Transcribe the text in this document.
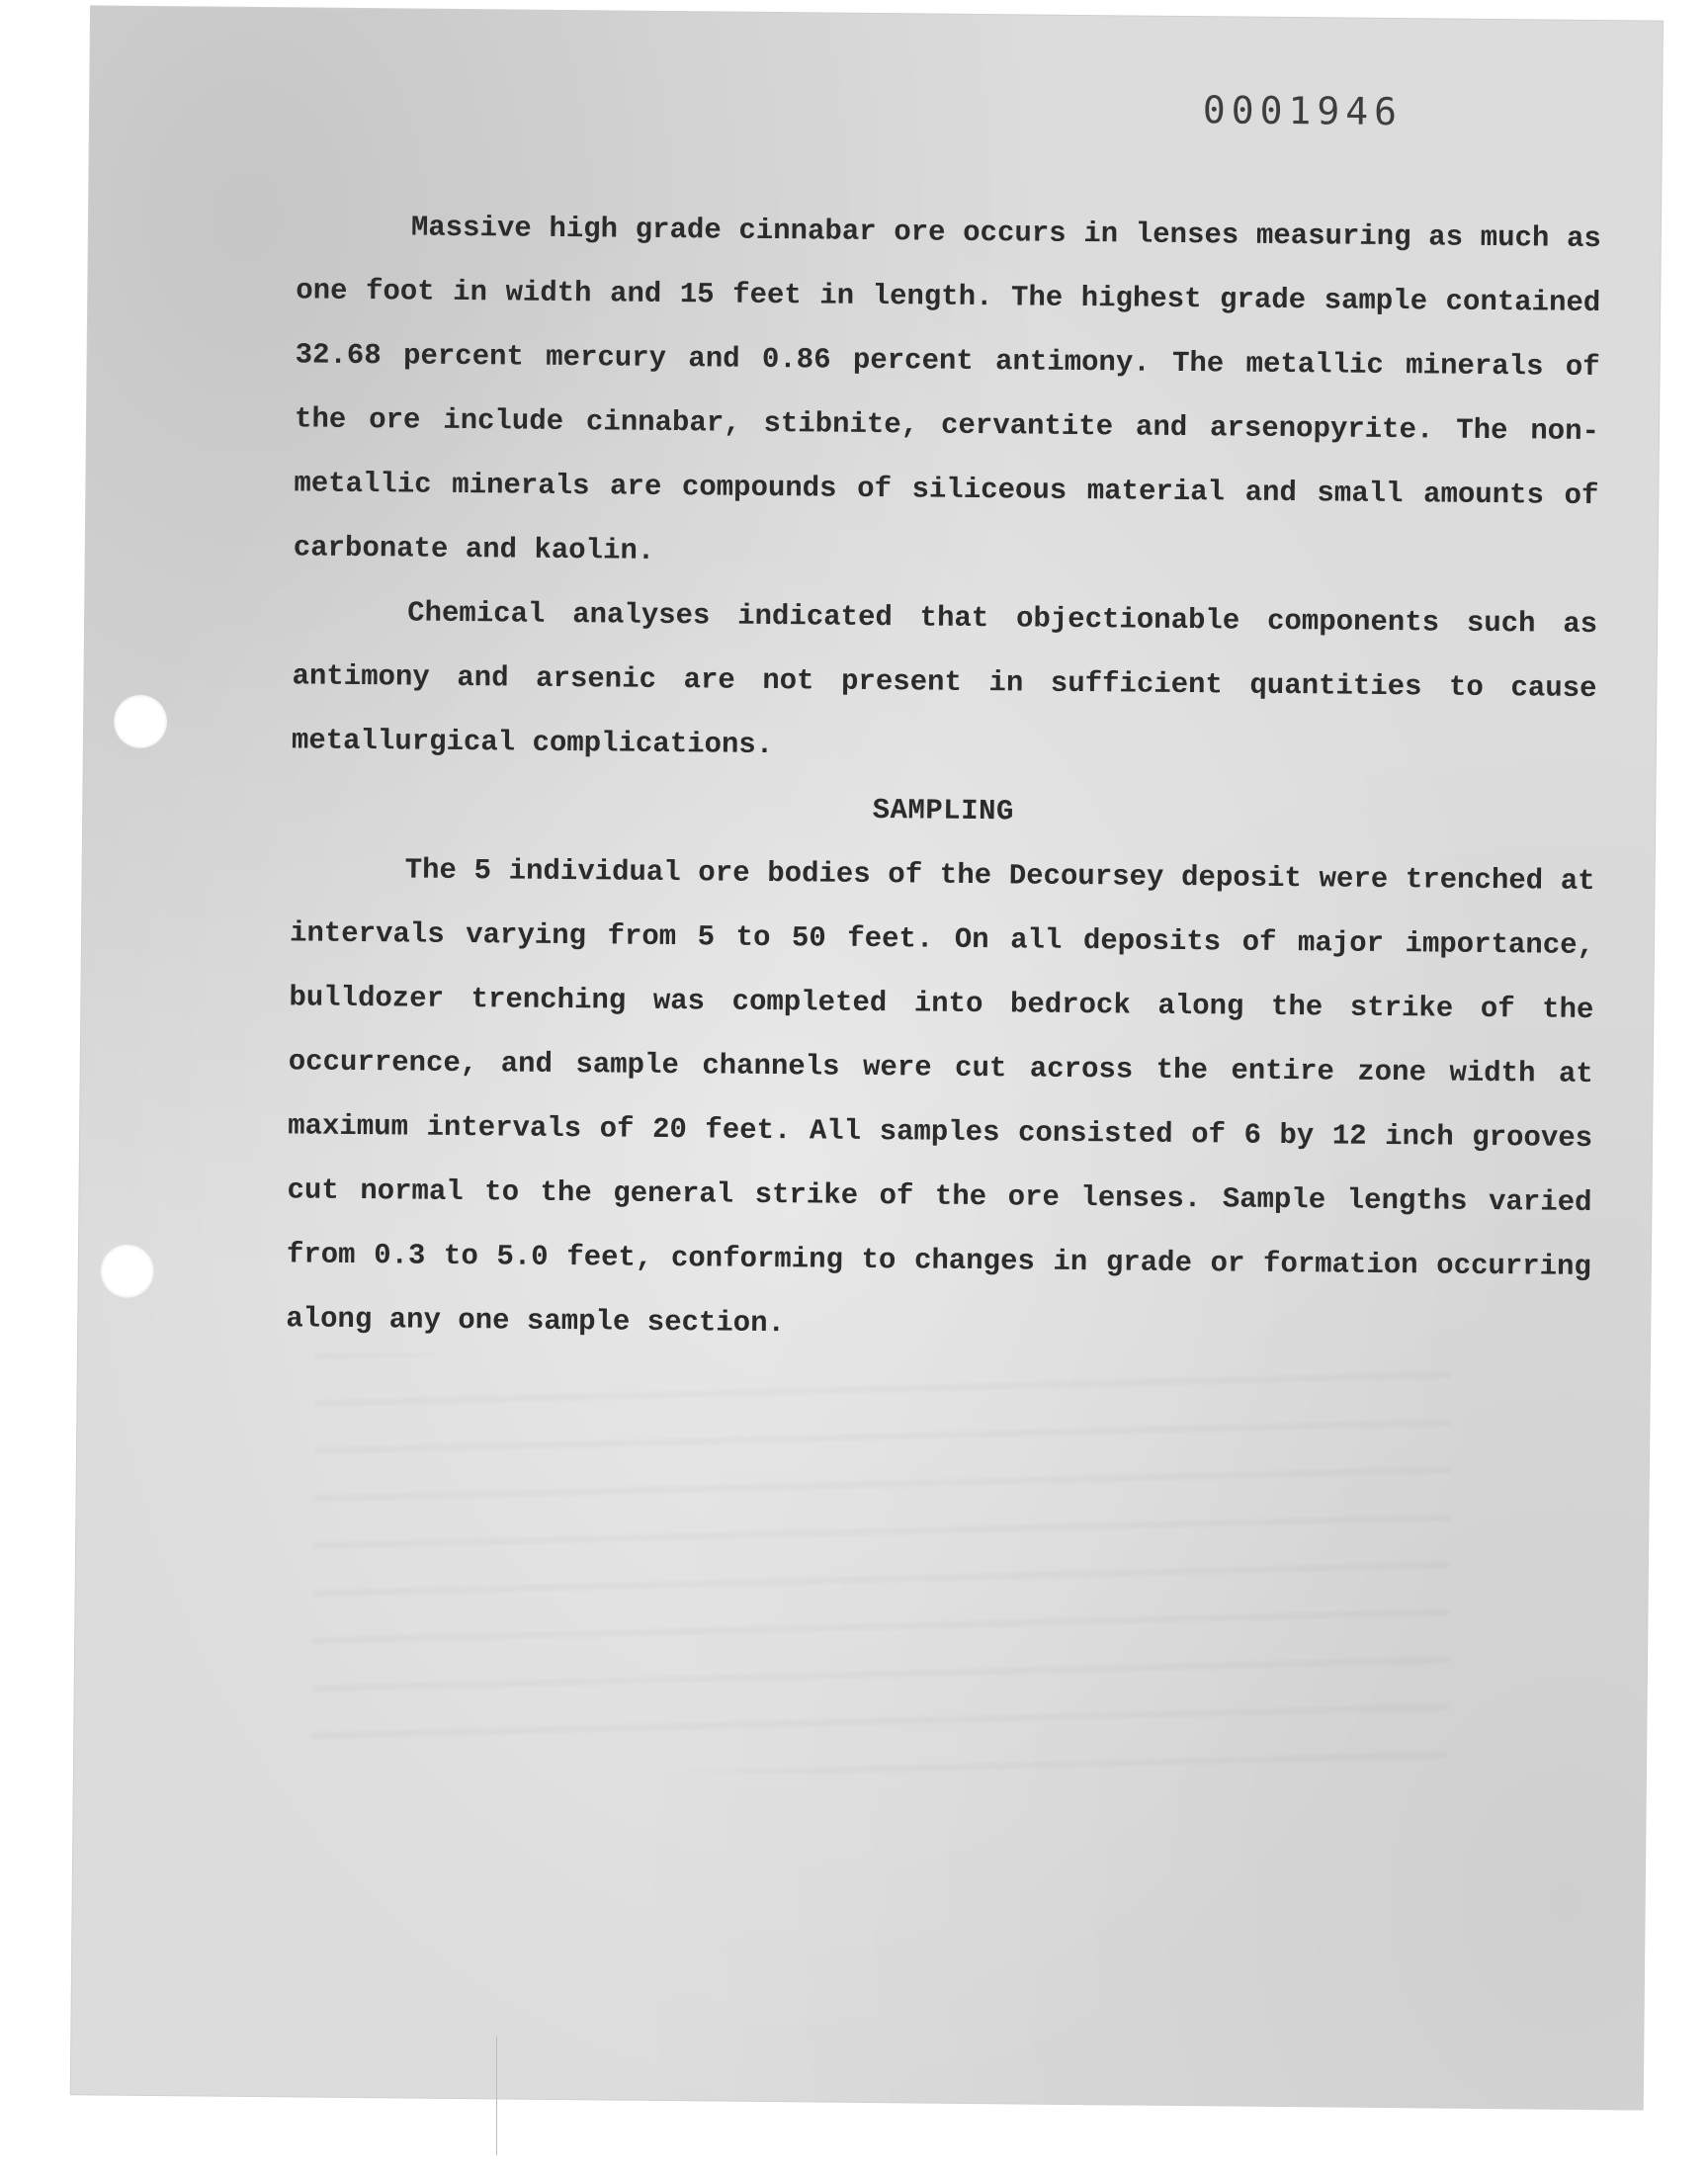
0001946

Massive high grade cinnabar ore occurs in lenses measuring as much as one foot in width and 15 feet in length. The highest grade sample contained 32.68 percent mercury and 0.86 percent antimony. The metallic minerals of the ore include cinnabar, stibnite, cervantite and arsenopyrite. The non-metallic minerals are compounds of siliceous material and small amounts of carbonate and kaolin.

Chemical analyses indicated that objectionable components such as antimony and arsenic are not present in sufficient quantities to cause metallurgical complications.

SAMPLING

The 5 individual ore bodies of the Decoursey deposit were trenched at intervals varying from 5 to 50 feet. On all deposits of major importance, bulldozer trenching was completed into bedrock along the strike of the occurrence, and sample channels were cut across the entire zone width at maximum intervals of 20 feet. All samples consisted of 6 by 12 inch grooves cut normal to the general strike of the ore lenses. Sample lengths varied from 0.3 to 5.0 feet, conforming to changes in grade or formation occurring along any one sample section.
